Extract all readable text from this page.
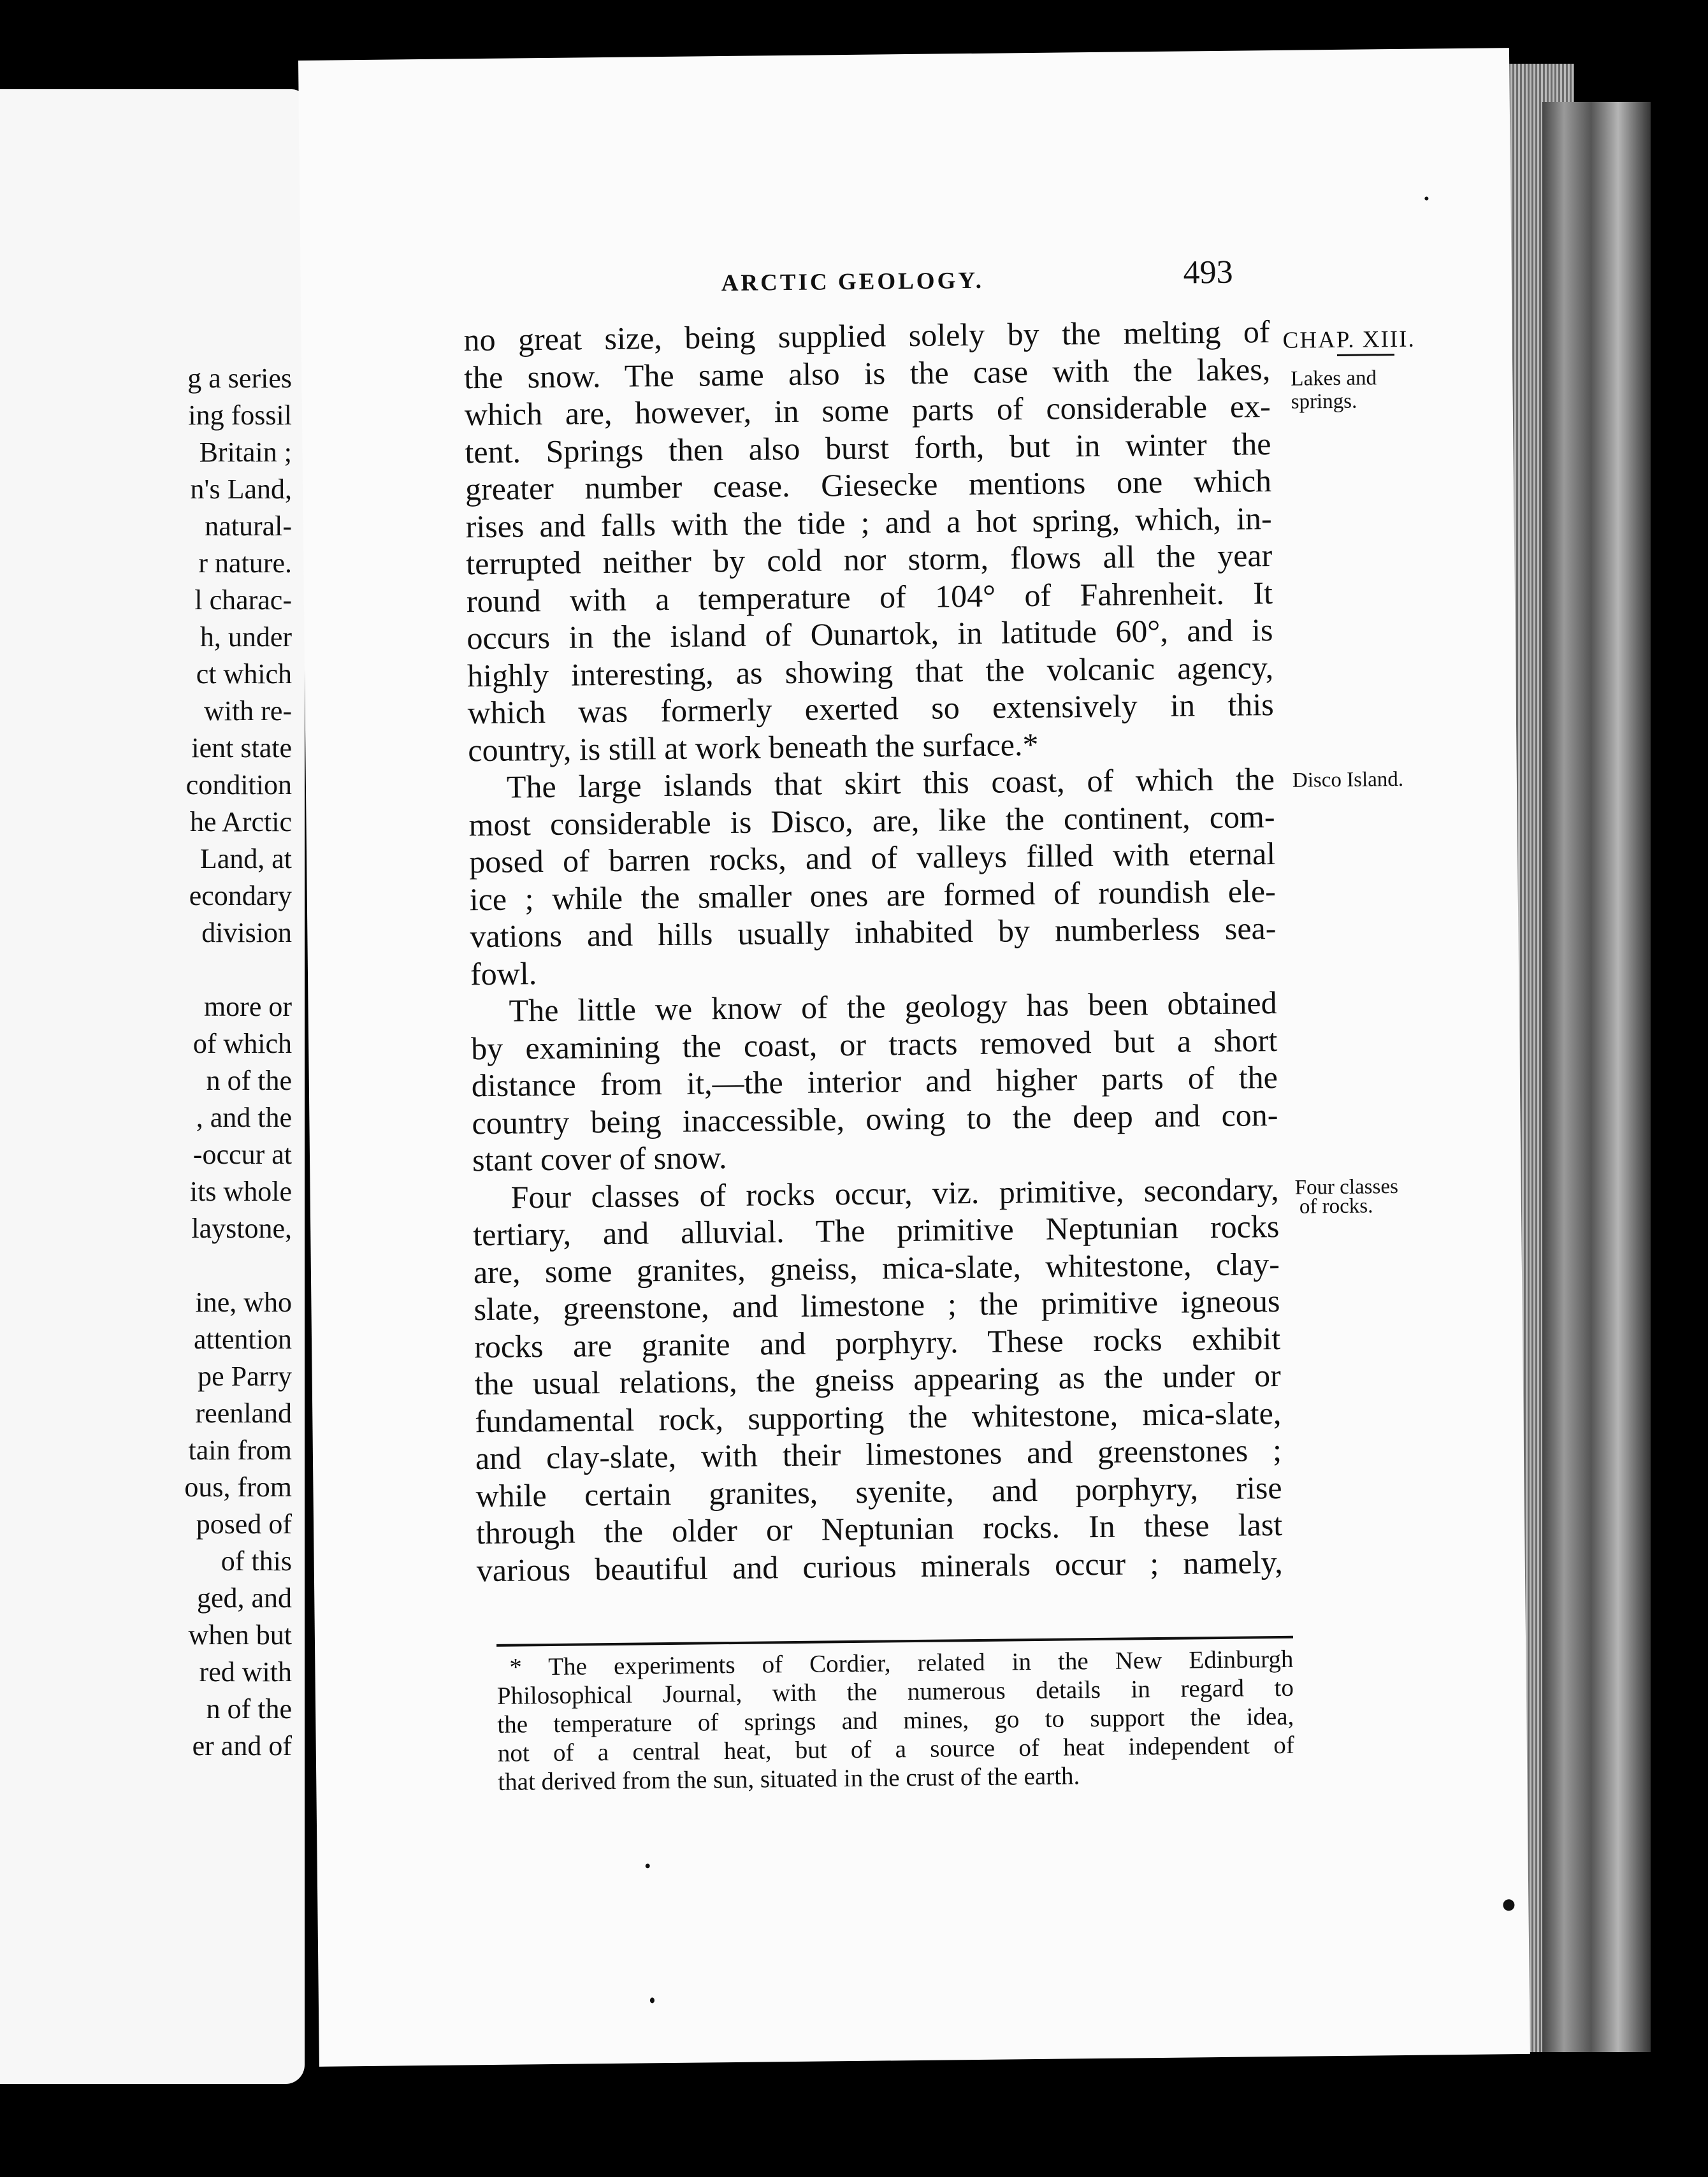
g a series
ing fossil
Britain ;
n's Land,
natural-
r nature.
l charac-
h, under
ct which
with re-
ient state
condition
he Arctic
Land, at
econdary
division
more or
of which
n of the
, and the
-occur at
its whole
laystone,
ine, who
attention
pe Parry
reenland
tain from
ous, from
posed of
of this
ged, and
when but
red with
n of the
er and of
ARCTIC GEOLOGY.	493
CHAP. XIII.
Lakes and
springs.
Disco Island.
Four classes
of rocks.
no great size, being supplied solely by the melting of
the snow. The same also is the case with the lakes,
which are, however, in some parts of considerable ex-
tent. Springs then also burst forth, but in winter the
greater number cease. Giesecke mentions one which
rises and falls with the tide ; and a hot spring, which, in-
terrupted neither by cold nor storm, flows all the year
round with a temperature of 104° of Fahrenheit. It
occurs in the island of Ounartok, in latitude 60°, and is
highly interesting, as showing that the volcanic agency,
which was formerly exerted so extensively in this
country, is still at work beneath the surface.*
The large islands that skirt this coast, of which the
most considerable is Disco, are, like the continent, com-
posed of barren rocks, and of valleys filled with eternal
ice ; while the smaller ones are formed of roundish ele-
vations and hills usually inhabited by numberless sea-
fowl.
The little we know of the geology has been obtained
by examining the coast, or tracts removed but a short
distance from it,—the interior and higher parts of the
country being inaccessible, owing to the deep and con-
stant cover of snow.
Four classes of rocks occur, viz. primitive, secondary,
tertiary, and alluvial. The primitive Neptunian rocks
are, some granites, gneiss, mica-slate, whitestone, clay-
slate, greenstone, and limestone ; the primitive igneous
rocks are granite and porphyry. These rocks exhibit
the usual relations, the gneiss appearing as the under or
fundamental rock, supporting the whitestone, mica-slate,
and clay-slate, with their limestones and greenstones ;
while certain granites, syenite, and porphyry, rise
through the older or Neptunian rocks. In these last
various beautiful and curious minerals occur ; namely,
* The experiments of Cordier, related in the New Edinburgh
Philosophical Journal, with the numerous details in regard to
the temperature of springs and mines, go to support the idea,
not of a central heat, but of a source of heat independent of
that derived from the sun, situated in the crust of the earth.
